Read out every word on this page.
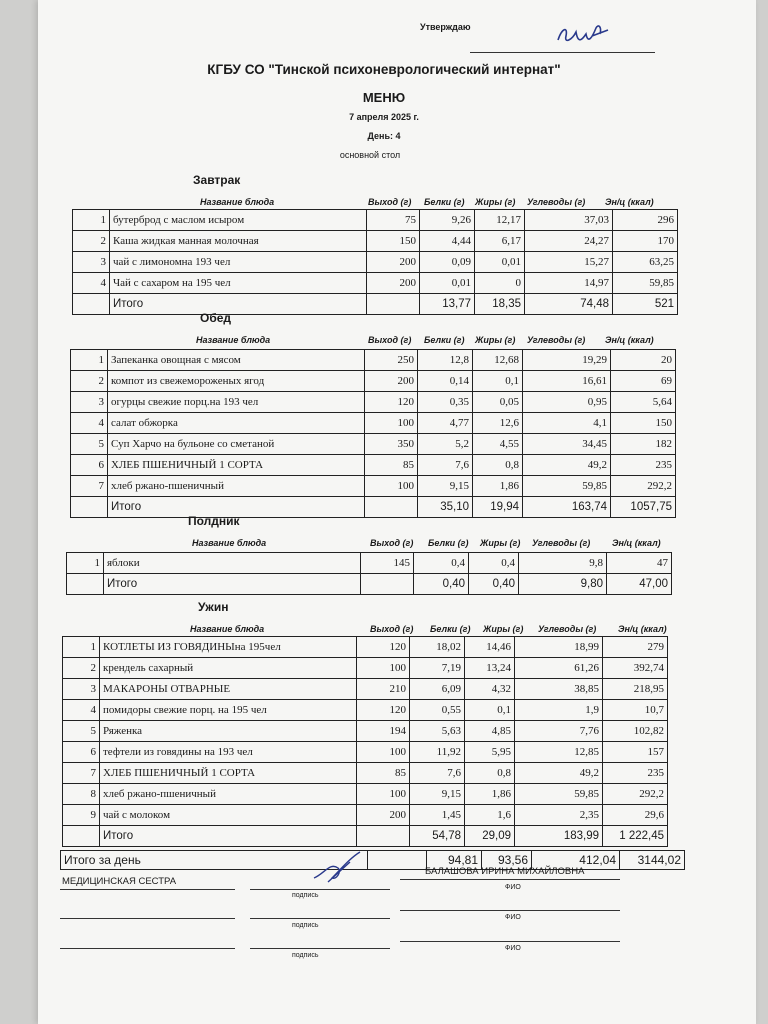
Утверждаю
КГБУ СО "Тинской психоневрологический интернат"
МЕНЮ
7 апреля 2025 г.
День: 4
основной стол
Завтрак
Название блюда	Выход (г) Белки (г) Жиры (г) Углеводы (г) Эн/ц (ккал)
1	бутерброд с маслом исыром	75	9,26	12,17	37,03	296
2	Каша жидкая манная молочная	150	4,44	6,17	24,27	170
3	чай с лимономна 193 чел	200	0,09	0,01	15,27	63,25
4	Чай с сахаром на 195 чел	200	0,01	0	14,97	59,85
	Итого		13,77	18,35	74,48	521
Обед
Название блюда	Выход (г) Белки (г) Жиры (г) Углеводы (г) Эн/ц (ккал)
1	Запеканка овощная с мясом	250	12,8	12,68	19,29	20
2	компот из свежемороженых ягод	200	0,14	0,1	16,61	69
3	огурцы свежие порц.на 193 чел	120	0,35	0,05	0,95	5,64
4	салат обжорка	100	4,77	12,6	4,1	150
5	Суп Харчо на бульоне со сметаной	350	5,2	4,55	34,45	182
6	ХЛЕБ ПШЕНИЧНЫЙ 1 СОРТА	85	7,6	0,8	49,2	235
7	хлеб ржано-пшеничный	100	9,15	1,86	59,85	292,2
	Итого		35,10	19,94	163,74	1057,75
Полдник
Название блюда	Выход (г) Белки (г) Жиры (г) Углеводы (г) Эн/ц (ккал)
1	яблоки	145	0,4	0,4	9,8	47
	Итого		0,40	0,40	9,80	47,00
Ужин
Название блюда	Выход (г) Белки (г) Жиры (г) Углеводы (г) Эн/ц (ккал)
1	КОТЛЕТЫ ИЗ ГОВЯДИНЫна 195чел	120	18,02	14,46	18,99	279
2	крендель сахарный	100	7,19	13,24	61,26	392,74
3	МАКАРОНЫ ОТВАРНЫЕ	210	6,09	4,32	38,85	218,95
4	помидоры свежие порц. на 195 чел	120	0,55	0,1	1,9	10,7
5	Ряженка	194	5,63	4,85	7,76	102,82
6	тефтели из говядины на 193 чел	100	11,92	5,95	12,85	157
7	ХЛЕБ ПШЕНИЧНЫЙ 1 СОРТА	85	7,6	0,8	49,2	235
8	хлеб ржано-пшеничный	100	9,15	1,86	59,85	292,2
9	чай с молоком	200	1,45	1,6	2,35	29,6
	Итого		54,78	29,09	183,99	1 222,45
Итого за день		94,81	93,56	412,04	3144,02
МЕДИЦИНСКАЯ СЕСТРА
подпись
БАЛАШОВА ИРИНА МИХАЙЛОВНА
ФИО
подпись
ФИО
подпись
ФИО
